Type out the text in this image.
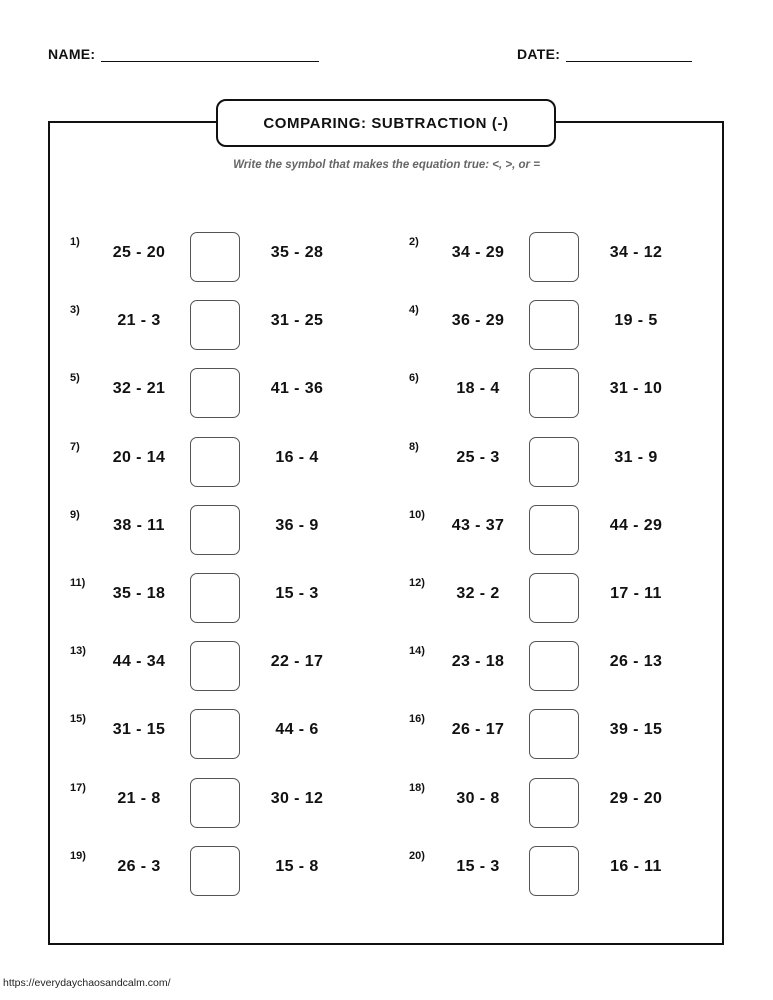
NAME:	DATE:
COMPARING: SUBTRACTION (-)
Write the symbol that makes the equation true: <, >, or =
1)
25 - 20	35 - 28
2)
34 - 29	34 - 12
3)
21 - 3	31 - 25
4)
36 - 29	19 - 5
5)
32 - 21	41 - 36
6)
18 - 4	31 - 10
7)
20 - 14	16 - 4
8)
25 - 3	31 - 9
9)
38 - 11	36 - 9
10)
43 - 37	44 - 29
11)
35 - 18	15 - 3
12)
32 - 2	17 - 11
13)
44 - 34	22 - 17
14)
23 - 18	26 - 13
15)
31 - 15	44 - 6
16)
26 - 17	39 - 15
17)
21 - 8	30 - 12
18)
30 - 8	29 - 20
19)
26 - 3	15 - 8
20)
15 - 3	16 - 11
https://everydaychaosandcalm.com/
